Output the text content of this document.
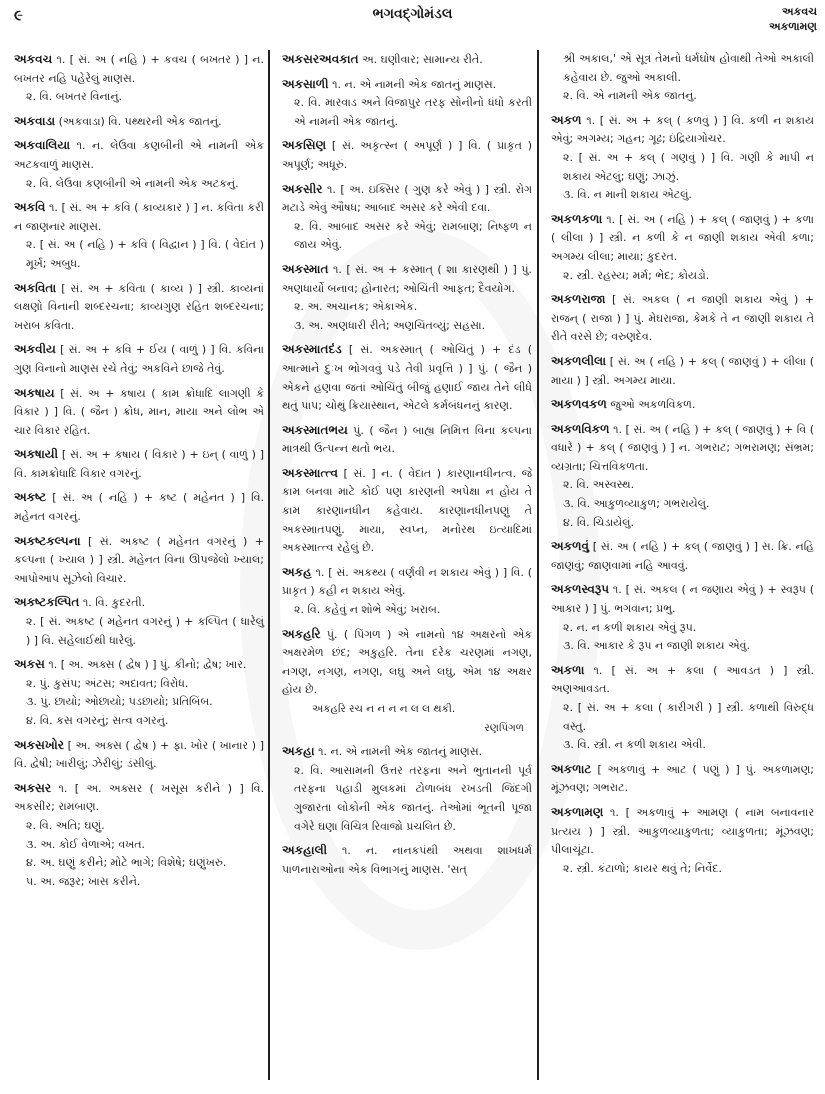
૯	ભગવદ્ગોમંડલ	અકવચ
અકળામણ
અકવચ ૧. [ સં. અ ( નહિ ) + કવચ ( બખતર ) ] ન. બખતર નહિ પહેરેલું માણસ.
૨. વિ. બખતર વિનાનું.
અકવાડા (અકવાડા) વિ. પથ્થરની એક જાતનું.
અકવાલિયા ૧. ન. લેઉવા કણબીની એ નામની એક અટકવાળું માણસ.
૨. વિ. લેઉવા કણબીની એ નામની એક અટકનું.
અકવિ ૧. [ સં. અ + કવિ ( કાવ્યકાર ) ] ન. કવિતા કરી ન જાણનાર માણસ.
૨. [ સં. અ ( નહિ ) + કવિ ( વિદ્વાન ) ] વિ. ( વેદાંત ) મૂર્ખ; અબુધ.
અકવિતા [ સં. અ + કવિતા ( કાવ્ય ) ] સ્ત્રી. કાવ્યનાં લક્ષણો વિનાની શબ્દરચના; કાવ્યગુણ રહિત શબ્દરચના; ખરાબ કવિતા.
અકવીય [ સં. અ + કવિ + ઈય ( વાળું ) ] વિ. કવિના ગુણ વિનાનો માણસ રચે તેવું; અકવિને છાજે તેવું.
અકષાય [ સં. અ + કષાય ( કામ ક્રોધાદિ લાગણી કે વિકાર ) ] વિ. ( જૈન ) ક્રોધ, માન, માયા અને લોભ એ ચાર વિકાર રહિત.
અકષાયી [ સં. અ + કષાય ( વિકાર ) + ઇન્ ( વાળું ) ] વિ. કામક્રોધાદિ વિકાર વગરનું.
અકષ્ટ [ સં. અ ( નહિ ) + કષ્ટ ( મહેનત ) ] વિ. મહેનત વગરનું.
અકષ્ટકલ્પના [ સં. અકષ્ટ ( મહેનત વગરનું ) + કલ્પના ( ખ્યાલ ) ] સ્ત્રી. મહેનત વિના ઊપજેલો ખ્યાલ; આપોઆપ સૂઝેલો વિચાર.
અકષ્ટકલ્પિત ૧. વિ. કુદરતી.
૨. [ સં. અકષ્ટ ( મહેનત વગરનું ) + કલ્પિત ( ધારેલું ) ] વિ. સહેલાઈથી ધારેલું.
અકસ ૧. [ અ. અક્સ ( દ્વેષ ) ] પું. કીનો; દ્વેષ; ખાર.
૨. પું. કુસંપ; અંટસ; અદાવત; વિરોધ.
૩. પું. છાયો; ઓછાયો; પડછાયો; પ્રતિબિંબ.
૪. વિ. કસ વગરનું; સત્વ વગરનું.
અકસખોર [ અ. અક્સ ( દ્વેષ ) + ફા. ખોર ( ખાનાર ) ] વિ. દ્વેષી; ખારીલું; ઝેરીલું; ડંસીલું.
અકસર ૧. [ અ. અક્સર ( ખસૂસ કરીને ) ] વિ. અકસીર; રામબાણ.
૨. વિ. અતિ; ઘણું.
૩. અ. કોઈ વેળાએ; વખત.
૪. અ. ઘણું કરીને; મોટે ભાગે; વિશેષે; ઘણુંખરું.
૫. અ. જરૂર; ખાસ કરીને.
અકસરઅવકાત અ. ઘણીવાર; સામાન્ય રીતે.
અકસાળી ૧. ન. એ નામની એક જાતનું માણસ.
૨. વિ. મારવાડ અને વિજાપુર તરફ સોનીનો ધંધો કરતી એ નામની એક જાતનું.
અકસિણ [ સં. અકૃત્સ્ન ( અપૂર્ણ ) ] વિ. ( પ્રાકૃત ) અપૂર્ણ; અધૂરું.
અકસીર ૧. [ અ. ઇક્સિર ( ગુણ કરે એવું ) ] સ્ત્રી. રોગ મટાડે એવું ઔષધ; આબાદ અસર કરે એવી દવા.
૨. વિ. આબાદ અસર કરે એવું; રામબાણ; નિષ્ફળ ન જાય એવું.
અકસ્માત ૧. [ સં. અ + કસ્માત્ ( શા કારણથી ) ] પું. અણધાર્યો બનાવ; હોનારત; ઓચિંતી આફત; દૈવયોગ.
૨. અ. અચાનક; એકાએક.
૩. અ. અણધારી રીતે; અણચિંતવ્યું; સહસા.
અકસ્માતદંડ [ સં. અકસ્માત્ ( ઓચિંતું ) + દંડ ( આત્માને દુઃખ ભોગવવું પડે તેવી પ્રવૃત્તિ ) ] પું. ( જૈન ) એકને હણવા જતાં ઓચિંતું બીજું હણાઈ જાય તેને લીધે થતું પાપ; ચોથું ક્રિયાસ્થાન, એટલે કર્મબંધનનું કારણ.
અકસ્માતભય પું. ( જૈન ) બાહ્ય નિમિત્ત વિના કલ્પના માત્રથી ઉત્પન્ન થતો ભય.
અકસ્માત્ત્વ [ સં. ] ન. ( વેદાંત ) કારણાનધીનત્વ. જે કામ બનવા માટે કોઈ પણ કારણની અપેક્ષા ન હોય તે કામ કારણાનધીન કહેવાય. કારણાનધીનપણું તે અકસ્માતપણું. માયા, સ્વપ્ન, મનોરથ ઇત્યાદિમાં અકસ્માત્ત્વ રહેલું છે.
અકહ ૧. [ સં. અકથ્ય ( વર્ણવી ન શકાય એવું ) ] વિ. ( પ્રાકૃત ) કહી ન શકાય એવું.
૨. વિ. કહેવું ન શોભે એવું; ખરાબ.
અકહરિ પું. ( પિંગળ ) એ નામનો ૧૪ અક્ષરનો એક અક્ષરમેળ છંદ; અકુહરિ. તેના દરેક ચરણમાં નગણ, નગણ, નગણ, નગણ, લઘુ અને લઘુ, એમ ૧૪ અક્ષર હોય છે.
અકહરિ રચ ન ન ન ન લ લ થકી.
રણપિંગળ
અકહા ૧. ન. એ નામની એક જાતનું માણસ.
૨. વિ. આસામની ઉત્તર તરફના અને ભુતાનની પૂર્વ તરફના પહાડી મુલકમાં ટોળાબંધ રખડતી જિંદગી ગુજારતા લોકોની એક જાતનું. તેઓમાં ભૂતની પૂજા વગેરે ઘણા વિચિત્ર રિવાજો પ્રચલિત છે.
અકહાલી ૧. ન. નાનકપંથી અથવા શાખધર્મ પાળનારાઓના એક વિભાગનું માણસ. 'સત્
શ્રી અકાલ,' એ સૂત્ર તેમનો ધર્મઘોષ હોવાથી તેઓ અકાલી કહેવાય છે. જુઓ અકાલી.
૨. વિ. એ નામની એક જાતનું.
અકળ ૧. [ સં. અ + કલ્ ( કળવું ) ] વિ. કળી ન શકાય એવું; અગમ્ય; ગહન; ગૂઢ; ઇંદ્રિયાગોચર.
૨. [ સં. અ + કલ્ ( ગણવું ) ] વિ. ગણી કે માપી ન શકાય એટલું; ઘણું; ઝાઝું.
૩. વિ. ન માની શકાય એટલું.
અકળકળા ૧. [ સં. અ ( નહિ ) + કલ્ ( જાણવું ) + કળા ( લીલા ) ] સ્ત્રી. ન કળી કે ન જાણી શકાય એવી કળા; અગમ્ય લીલા; માયા; કુદરત.
૨. સ્ત્રી. રહસ્ય; મર્મ; ભેદ; કોયડો.
અકળરાજા [ સં. અકલ ( ન જાણી શકાય એવું ) + રાજન્ ( રાજા ) ] પું. મેઘરાજા, કેમકે તે ન જાણી શકાય તે રીતે વરસે છે; વરુણદેવ.
અકળલીલા [ સં. અ ( નહિ ) + કલ્ ( જાણવું ) + લીલા ( માયા ) ] સ્ત્રી. અગમ્ય માયા.
અકળવકળ જુઓ અકળવિકળ.
અકળવિકળ ૧. [ સં. અ ( નહિ ) + કલ્ ( જાણવું ) + વિ ( વધારે ) + કલ્ ( જાણવું ) ] ન. ગભરાટ; ગભરામણ; સંભ્રમ; વ્યગ્રતા; ચિત્તવિકળતા.
૨. વિ. અસ્વસ્થ.
૩. વિ. આકુળવ્યાકુળ; ગભરાયેલું.
૪. વિ. ચિડાયેલું.
અકળવું [ સં. અ ( નહિ ) + કલ્ ( જાણવું ) ] સ. ક્રિ. નહિ જાણવું; જાણવામાં નહિ આવવું.
અકળસ્વરૂપ ૧. [ સં. અકલ ( ન જણાય એવું ) + સ્વરૂપ ( આકાર ) ] પું. ભગવાન; પ્રભુ.
૨. ન. ન કળી શકાય એવું રૂપ.
૩. વિ. આકાર કે રૂપ ન જાણી શકાય એવું.
અકળા ૧. [ સં. અ + કલા ( આવડત ) ] સ્ત્રી. અણઆવડત.
૨. [ સં. અ + કલા ( કારીગરી ) ] સ્ત્રી. કળાથી વિરુદ્ધ વસ્તુ.
૩. વિ. સ્ત્રી. ન કળી શકાય એવી.
અકળાટ [ અકળાવું + આટ ( પણું ) ] પું. અકળામણ; મૂંઝવણ; ગભરાટ.
અકળામણ ૧. [ અકળાવું + આમણ ( નામ બનાવનાર પ્રત્યય ) ] સ્ત્રી. આકુળવ્યાકુળતા; વ્યાકુળતા; મૂંઝવણ; પીલાચૂંટા.
૨. સ્ત્રી. કંટાળો; કાયર થવું તે; નિર્વેદ.
